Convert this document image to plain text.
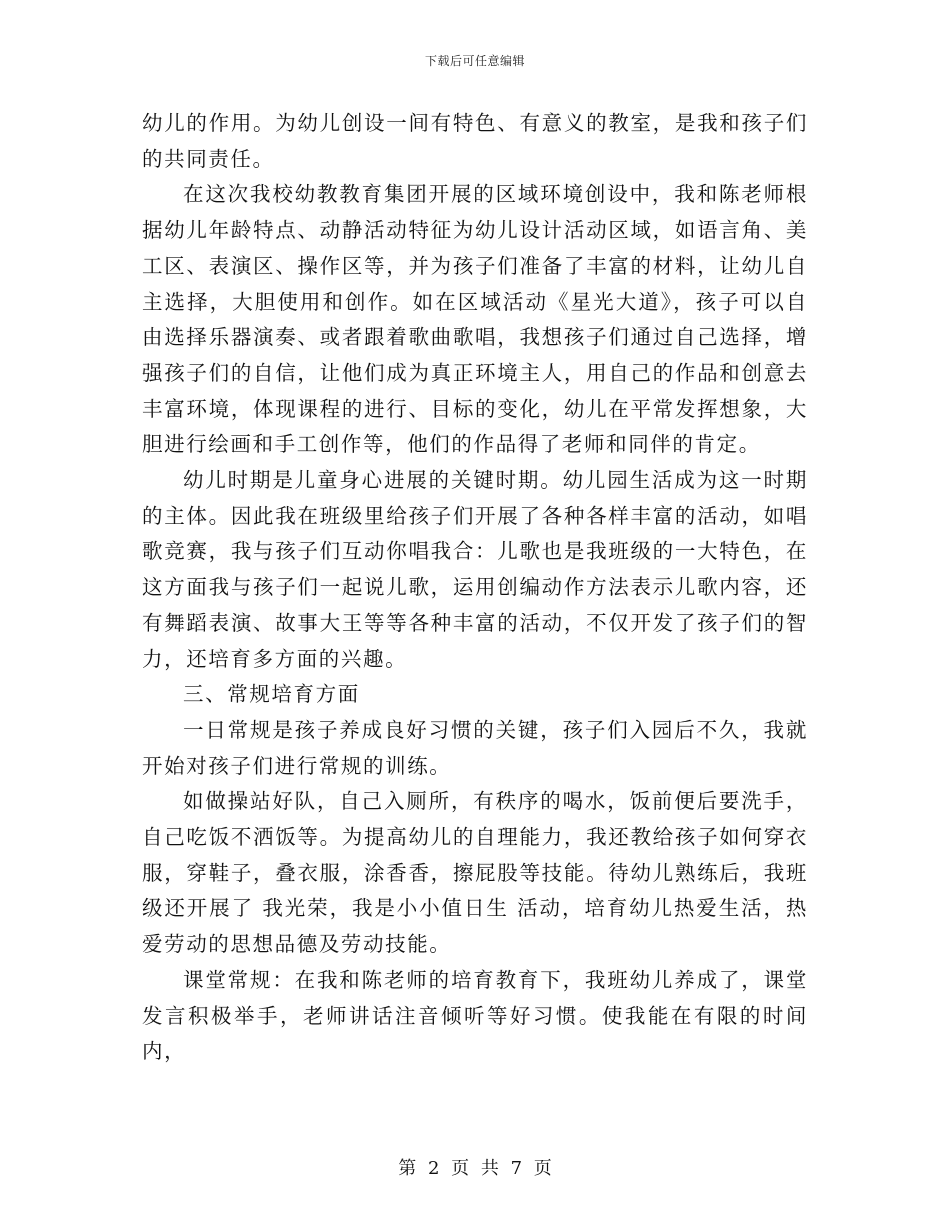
下载后可任意编辑

幼儿的作用。为幼儿创设一间有特色、有意义的教室，是我和孩子们的共同责任。

在这次我校幼教教育集团开展的区域环境创设中，我和陈老师根据幼儿年龄特点、动静活动特征为幼儿设计活动区域，如语言角、美工区、表演区、操作区等，并为孩子们准备了丰富的材料，让幼儿自主选择，大胆使用和创作。如在区域活动《星光大道》，孩子可以自由选择乐器演奏、或者跟着歌曲歌唱，我想孩子们通过自己选择，增强孩子们的自信，让他们成为真正环境主人，用自己的作品和创意去丰富环境，体现课程的进行、目标的变化，幼儿在平常发挥想象，大胆进行绘画和手工创作等，他们的作品得了老师和同伴的肯定。

幼儿时期是儿童身心进展的关键时期。幼儿园生活成为这一时期的主体。因此我在班级里给孩子们开展了各种各样丰富的活动，如唱歌竞赛，我与孩子们互动你唱我合：儿歌也是我班级的一大特色，在这方面我与孩子们一起说儿歌，运用创编动作方法表示儿歌内容，还有舞蹈表演、故事大王等等各种丰富的活动，不仅开发了孩子们的智力，还培育多方面的兴趣。

三、常规培育方面

一日常规是孩子养成良好习惯的关键，孩子们入园后不久，我就开始对孩子们进行常规的训练。

如做操站好队，自己入厕所，有秩序的喝水，饭前便后要洗手，自己吃饭不洒饭等。为提高幼儿的自理能力，我还教给孩子如何穿衣服，穿鞋子，叠衣服，涂香香，擦屁股等技能。待幼儿熟练后，我班级还开展了 我光荣，我是小小值日生 活动，培育幼儿热爱生活，热爱劳动的思想品德及劳动技能。

课堂常规：在我和陈老师的培育教育下，我班幼儿养成了，课堂发言积极举手，老师讲话注音倾听等好习惯。使我能在有限的时间内，

第 2 页 共 7 页
